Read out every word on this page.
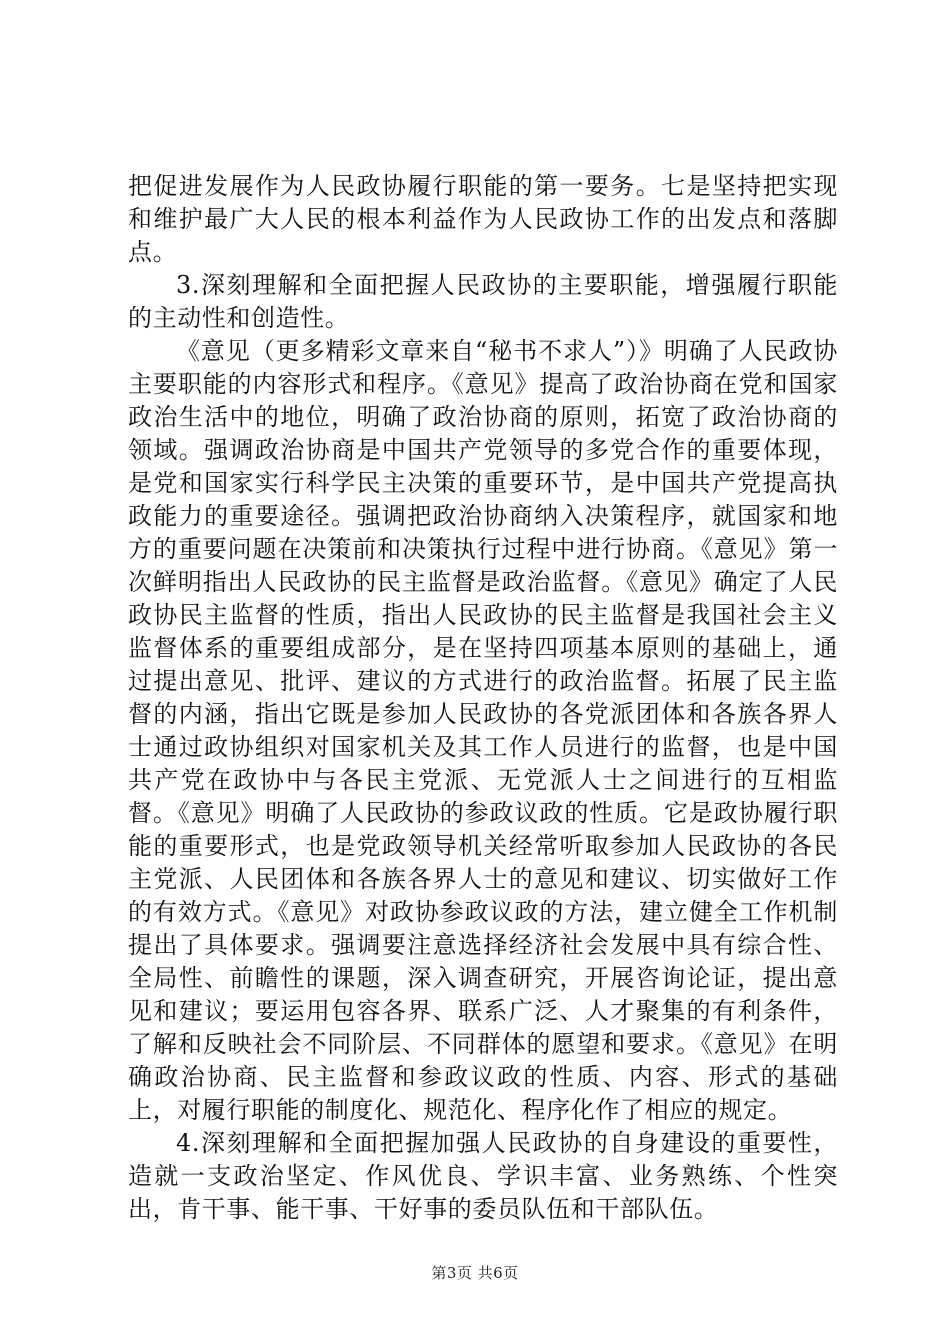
把促进发展作为人民政协履行职能的第一要务。七是坚持把实现和维护最广大人民的根本利益作为人民政协工作的出发点和落脚点。

3.深刻理解和全面把握人民政协的主要职能，增强履行职能的主动性和创造性。

《意见（更多精彩文章来自“秘书不求人”）》明确了人民政协主要职能的内容形式和程序。《意见》提高了政治协商在党和国家政治生活中的地位，明确了政治协商的原则，拓宽了政治协商的领域。强调政治协商是中国共产党领导的多党合作的重要体现，是党和国家实行科学民主决策的重要环节，是中国共产党提高执政能力的重要途径。强调把政治协商纳入决策程序，就国家和地方的重要问题在决策前和决策执行过程中进行协商。《意见》第一次鲜明指出人民政协的民主监督是政治监督。《意见》确定了人民政协民主监督的性质，指出人民政协的民主监督是我国社会主义监督体系的重要组成部分，是在坚持四项基本原则的基础上，通过提出意见、批评、建议的方式进行的政治监督。拓展了民主监督的内涵，指出它既是参加人民政协的各党派团体和各族各界人士通过政协组织对国家机关及其工作人员进行的监督，也是中国共产党在政协中与各民主党派、无党派人士之间进行的互相监督。《意见》明确了人民政协的参政议政的性质。它是政协履行职能的重要形式，也是党政领导机关经常听取参加人民政协的各民主党派、人民团体和各族各界人士的意见和建议、切实做好工作的有效方式。《意见》对政协参政议政的方法，建立健全工作机制提出了具体要求。强调要注意选择经济社会发展中具有综合性、全局性、前瞻性的课题，深入调查研究，开展咨询论证，提出意见和建议；要运用包容各界、联系广泛、人才聚集的有利条件，了解和反映社会不同阶层、不同群体的愿望和要求。《意见》在明确政治协商、民主监督和参政议政的性质、内容、形式的基础上，对履行职能的制度化、规范化、程序化作了相应的规定。

4.深刻理解和全面把握加强人民政协的自身建设的重要性，造就一支政治坚定、作风优良、学识丰富、业务熟练、个性突出，肯干事、能干事、干好事的委员队伍和干部队伍。

第3页 共6页
